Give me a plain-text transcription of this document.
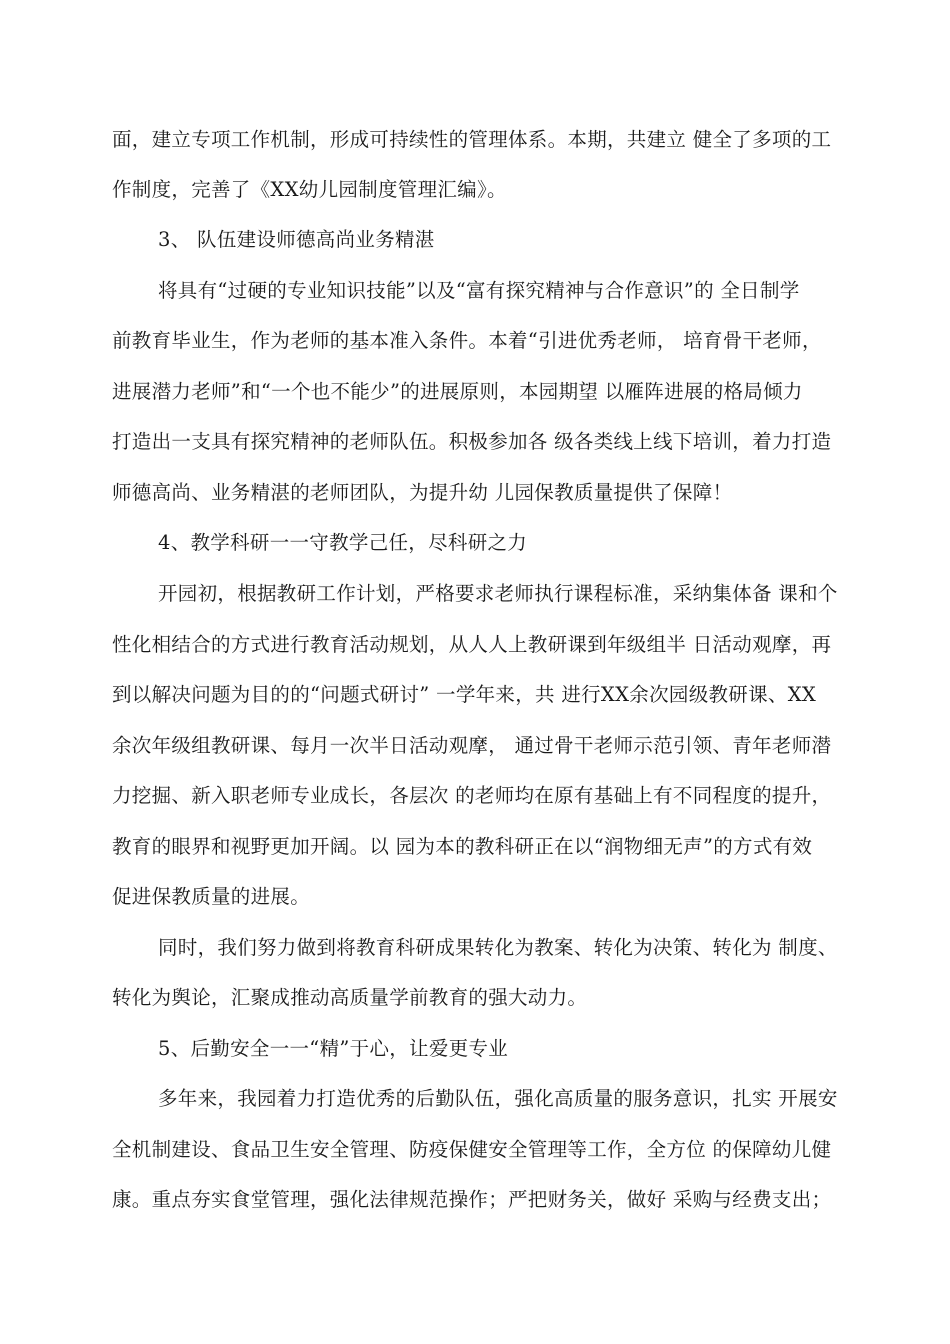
面，建立专项工作机制，形成可持续性的管理体系。本期，共建立 健全了多项的工
作制度，完善了《XX幼儿园制度管理汇编》。
3、 队伍建设师德高尚业务精湛
将具有“过硬的专业知识技能”以及“富有探究精神与合作意识”的 全日制学
前教育毕业生，作为老师的基本准入条件。本着“引进优秀老师， 培育骨干老师，
进展潜力老师”和“一个也不能少”的进展原则，本园期望 以雁阵进展的格局倾力
打造出一支具有探究精神的老师队伍。积极参加各 级各类线上线下培训，着力打造
师德高尚、业务精湛的老师团队，为提升幼 儿园保教质量提供了保障！
4、教学科研一一守教学己任，尽科研之力
开园初，根据教研工作计划，严格要求老师执行课程标准，采纳集体备 课和个
性化相结合的方式进行教育活动规划，从人人上教研课到年级组半 日活动观摩，再
到以解决问题为目的的“问题式研讨” 一学年来，共 进行XX余次园级教研课、XX
余次年级组教研课、每月一次半日活动观摩， 通过骨干老师示范引领、青年老师潜
力挖掘、新入职老师专业成长，各层次 的老师均在原有基础上有不同程度的提升，
教育的眼界和视野更加开阔。以 园为本的教科研正在以“润物细无声”的方式有效
促进保教质量的进展。
同时，我们努力做到将教育科研成果转化为教案、转化为决策、转化为 制度、
转化为舆论，汇聚成推动高质量学前教育的强大动力。
5、后勤安全一一“精”于心，让爱更专业
多年来，我园着力打造优秀的后勤队伍，强化高质量的服务意识，扎实 开展安
全机制建设、食品卫生安全管理、防疫保健安全管理等工作，全方位 的保障幼儿健
康。重点夯实食堂管理，强化法律规范操作；严把财务关，做好 采购与经费支出；
